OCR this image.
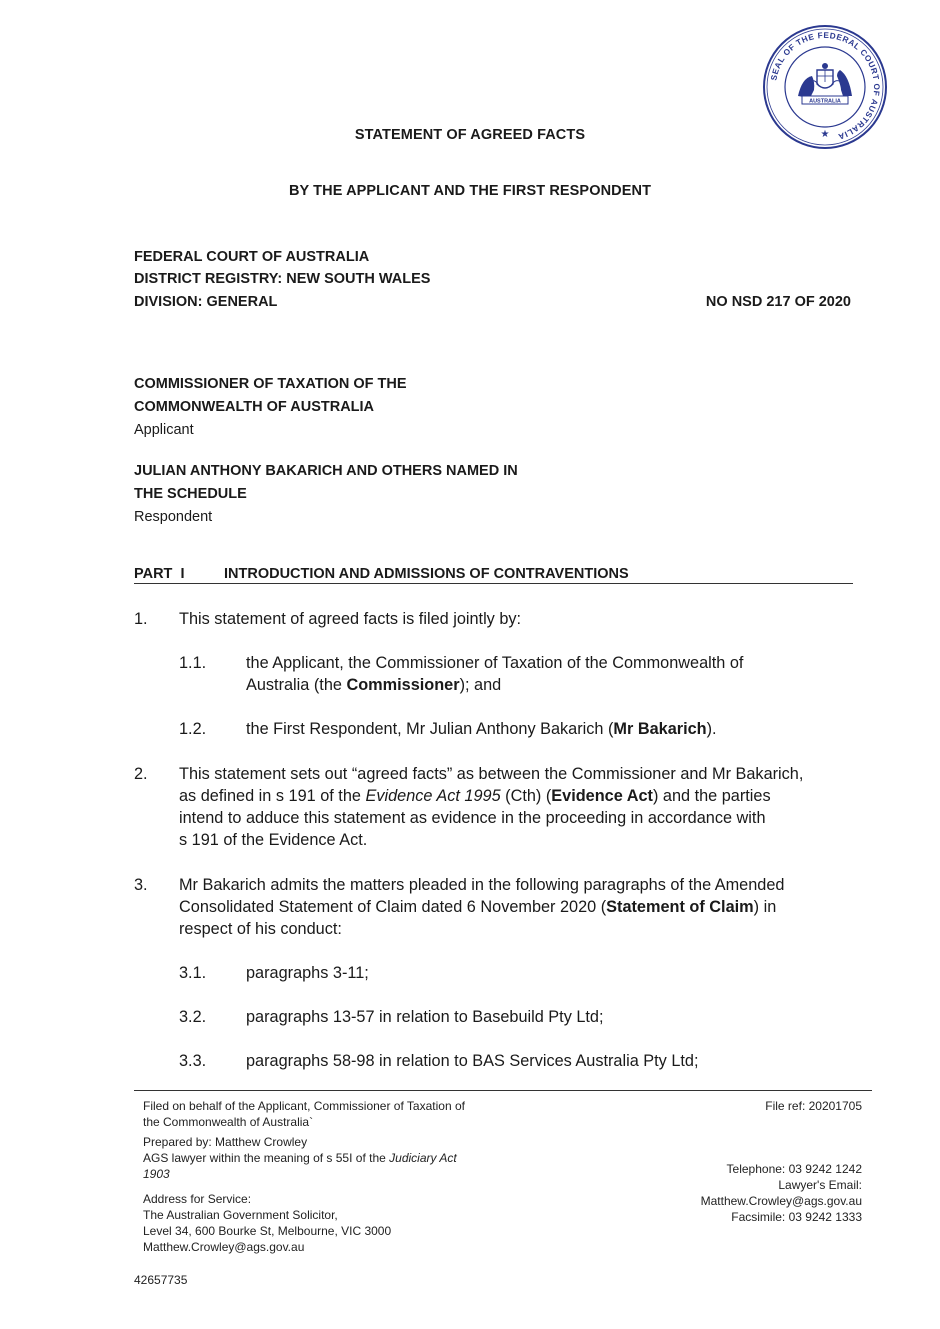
SEAL OF THE FEDERAL COURT OF AUSTRALIA
AUSTRALIA
★
STATEMENT OF AGREED FACTS
BY THE APPLICANT AND THE FIRST RESPONDENT
FEDERAL COURT OF AUSTRALIA
DISTRICT REGISTRY: NEW SOUTH WALES
DIVISION: GENERAL	NO NSD 217 OF 2020
COMMISSIONER OF TAXATION OF THE
COMMONWEALTH OF AUSTRALIA
Applicant
JULIAN ANTHONY BAKARICH AND OTHERS NAMED IN
THE SCHEDULE
Respondent
PART  I	INTRODUCTION AND ADMISSIONS OF CONTRAVENTIONS
1. This statement of agreed facts is filed jointly by:
1.1. the Applicant, the Commissioner of Taxation of the Commonwealth of
Australia (the Commissioner); and
1.2. the First Respondent, Mr Julian Anthony Bakarich (Mr Bakarich).
2. This statement sets out “agreed facts” as between the Commissioner and Mr Bakarich,
as defined in s 191 of the Evidence Act 1995 (Cth) (Evidence Act) and the parties
intend to adduce this statement as evidence in the proceeding in accordance with
s 191 of the Evidence Act.
3. Mr Bakarich admits the matters pleaded in the following paragraphs of the Amended
Consolidated Statement of Claim dated 6 November 2020 (Statement of Claim) in
respect of his conduct:
3.1. paragraphs 3-11;
3.2. paragraphs 13-57 in relation to Basebuild Pty Ltd;
3.3. paragraphs 58-98 in relation to BAS Services Australia Pty Ltd;
Filed on behalf of the Applicant, Commissioner of Taxation of
the Commonwealth of Australia`
Prepared by: Matthew Crowley
AGS lawyer within the meaning of s 55I of the Judiciary Act
1903
Address for Service:
The Australian Government Solicitor,
Level 34, 600 Bourke St, Melbourne, VIC 3000
Matthew.Crowley@ags.gov.au
File ref: 20201705
Telephone: 03 9242 1242
Lawyer's Email:
Matthew.Crowley@ags.gov.au
Facsimile: 03 9242 1333
42657735
